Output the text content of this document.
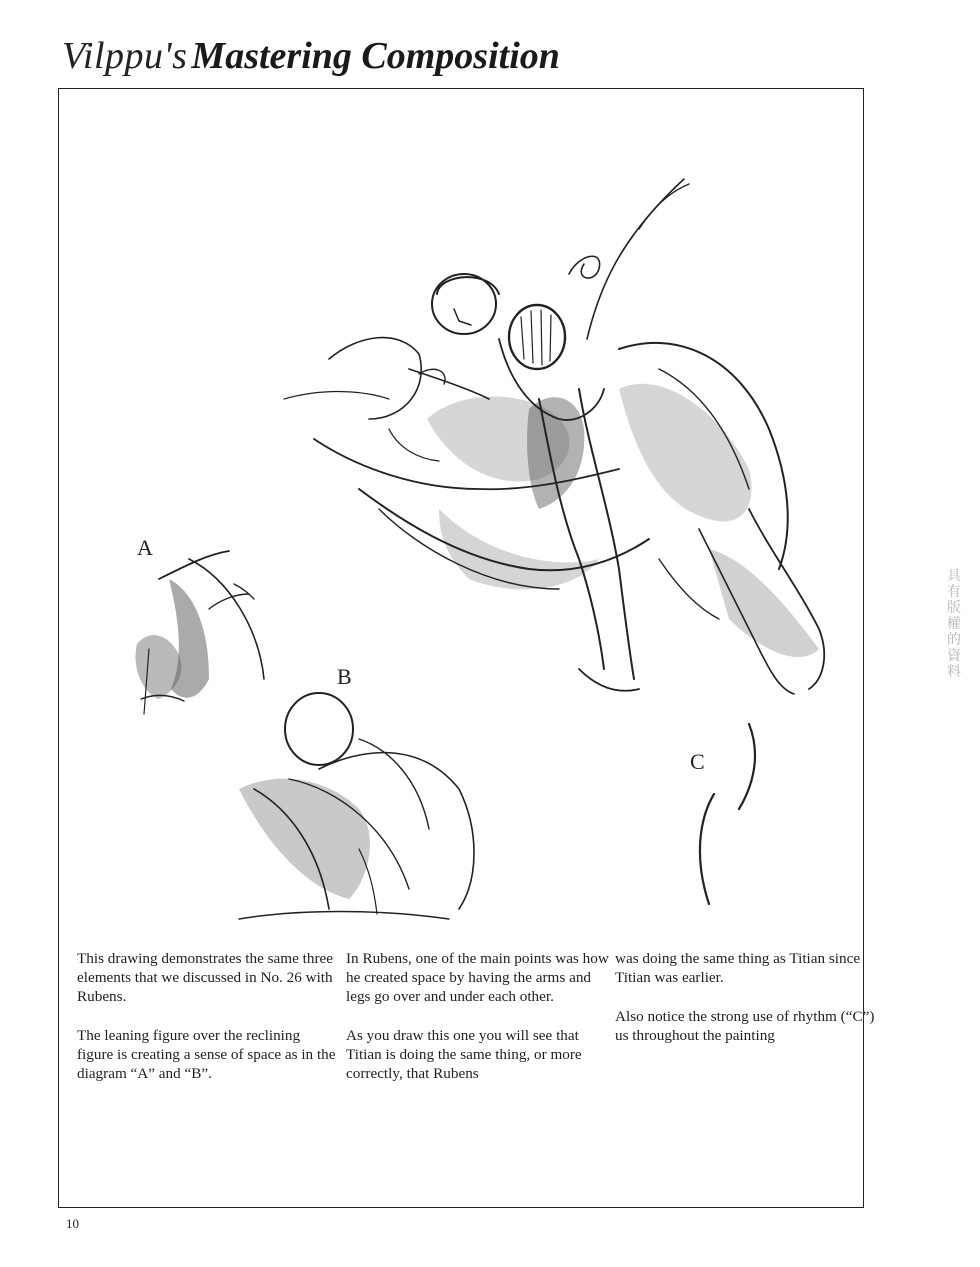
Vilppu's Mastering Composition
A
B
C

This drawing demonstrates the same three elements that we discussed in No. 26 with Rubens.

The leaning figure over the reclining figure is creating a sense of space as in the diagram “A” and “B”.

In Rubens, one of the main points was how he created space by having the arms and legs go over and under each other.

As you draw this one you will see that Titian is doing the same thing, or more correctly, that Rubens

was doing the same thing as Titian since Titian was earlier.

Also notice the strong use of rhythm (“C”) us throughout the painting

10
具有版權的資料
